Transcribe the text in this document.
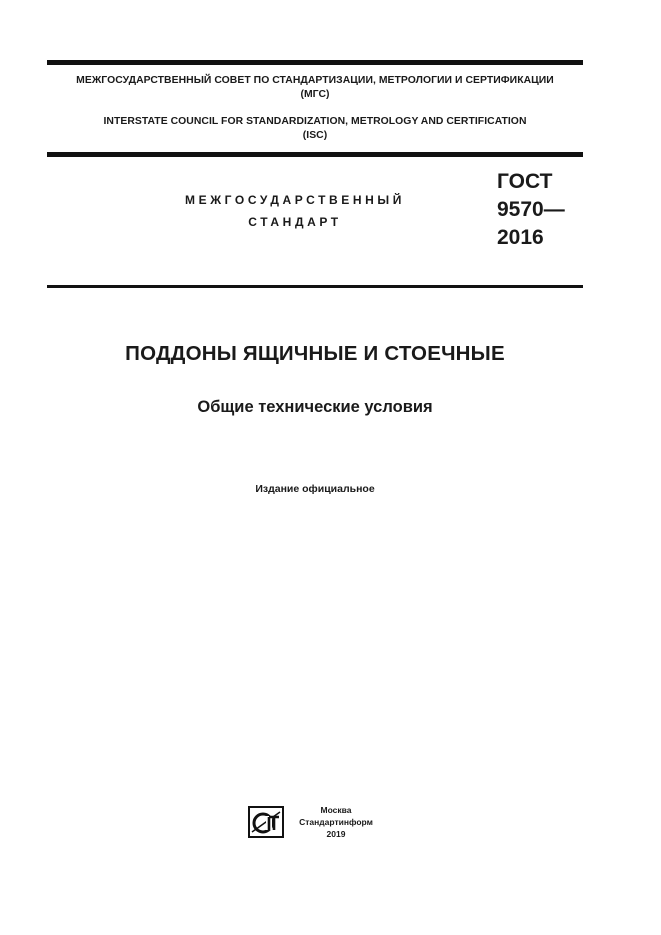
МЕЖГОСУДАРСТВЕННЫЙ СОВЕТ ПО СТАНДАРТИЗАЦИИ, МЕТРОЛОГИИ И СЕРТИФИКАЦИИ
(МГС)
INTERSTATE COUNCIL FOR STANDARDIZATION, METROLOGY AND CERTIFICATION
(ISC)
МЕЖГОСУДАРСТВЕННЫЙ
СТАНДАРТ
ГОСТ
9570—
2016
ПОДДОНЫ ЯЩИЧНЫЕ И СТОЕЧНЫЕ
Общие технические условия
Издание официальное
Москва
Стандартинформ
2019
